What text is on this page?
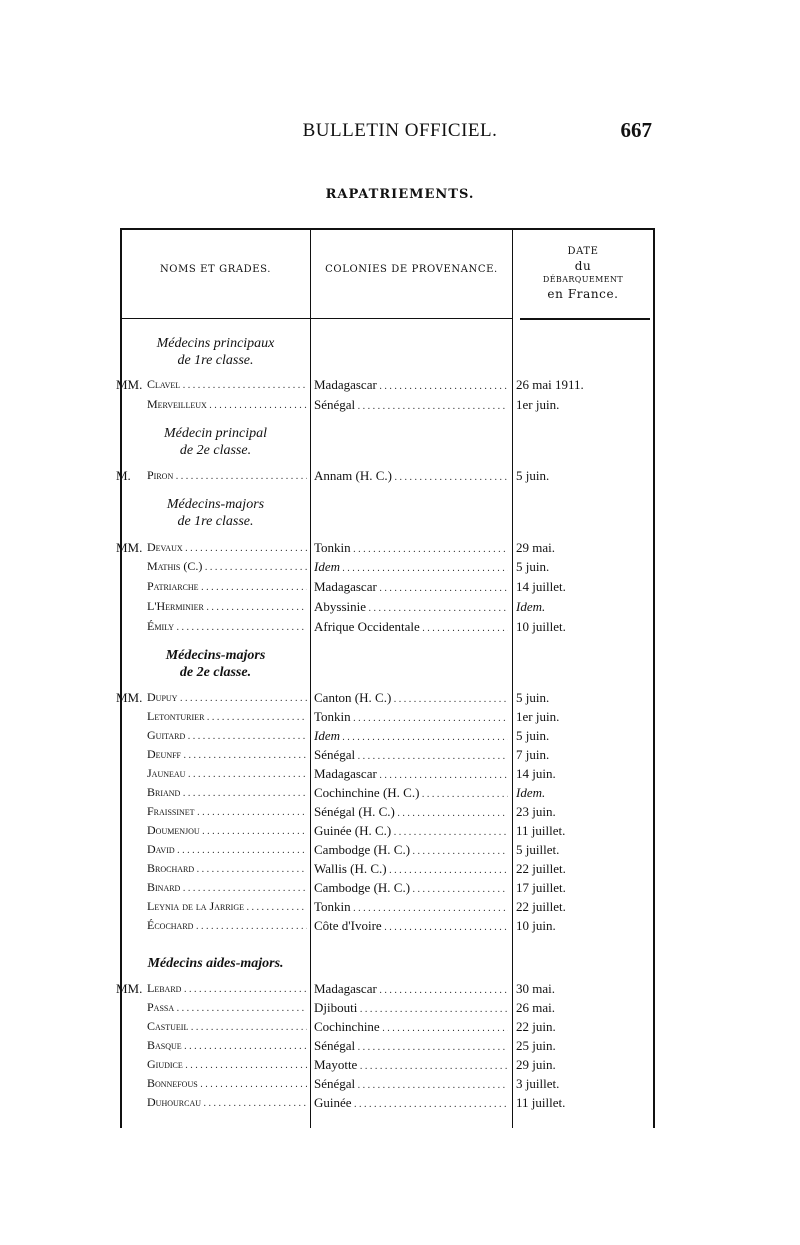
BULLETIN OFFICIEL.	667
RAPATRIEMENTS.
NOMS ET GRADES.	COLONIES DE PROVENANCE.
DATE
du
DÉBARQUEMENT
en France.
Médecins principaux
de 1re classe.
MM. Clavel . . .	Madagascar . . .	26 mai 1911.
Merveilleux . . .	Sénégal . . .	1er juin.
Médecin principal
de 2e classe.
M.	Piron . . .	Annam (H. C.) . . .	5 juin.
Médecins-majors
de 1re classe.
MM. Devaux . . .	Tonkin . . .	29 mai.
Mathis (C.) . . .	Idem . . .	5 juin.
Patriarche . . .	Madagascar . . .	14 juillet.
L'Herminier . . .	Abyssinie . . .	Idem.
Émily . . .	Afrique Occidentale . . .	10 juillet.
Médecins-majors
de 2e classe.
MM. Dupuy . . .	Canton (H. C.) . . .	5 juin.
Letonturier . . .	Tonkin . . .	1er juin.
Guitard . . .	Idem . . .	5 juin.
Deunff . . .	Sénégal . . .	7 juin.
Jauneau . . .	Madagascar . . .	14 juin.
Briand . . .	Cochinchine (H. C.) . . .	Idem.
Fraissinet . . .	Sénégal (H. C.) . . .	23 juin.
Doumenjou . . .	Guinée (H. C.) . . .	11 juillet.
David . . .	Cambodge (H. C.) . . .	5 juillet.
Brochard . . .	Wallis (H. C.) . . .	22 juillet.
Binard . . .	Cambodge (H. C.) . . .	17 juillet.
Leynia de la Jarrige . . .	Tonkin . . .	22 juillet.
Écochard . . .	Côte d'Ivoire . . .	10 juin.
Médecins aides-majors.
MM. Lebard . . .	Madagascar . . .	30 mai.
Passa . . .	Djibouti . . .	26 mai.
Castueil . . .	Cochinchine . . .	22 juin.
Basque . . .	Sénégal . . .	25 juin.
Giudice . . .	Mayotte . . .	29 juin.
Bonnefous . . .	Sénégal . . .	3 juillet.
Duhourcau . . .	Guinée . . .	11 juillet.
